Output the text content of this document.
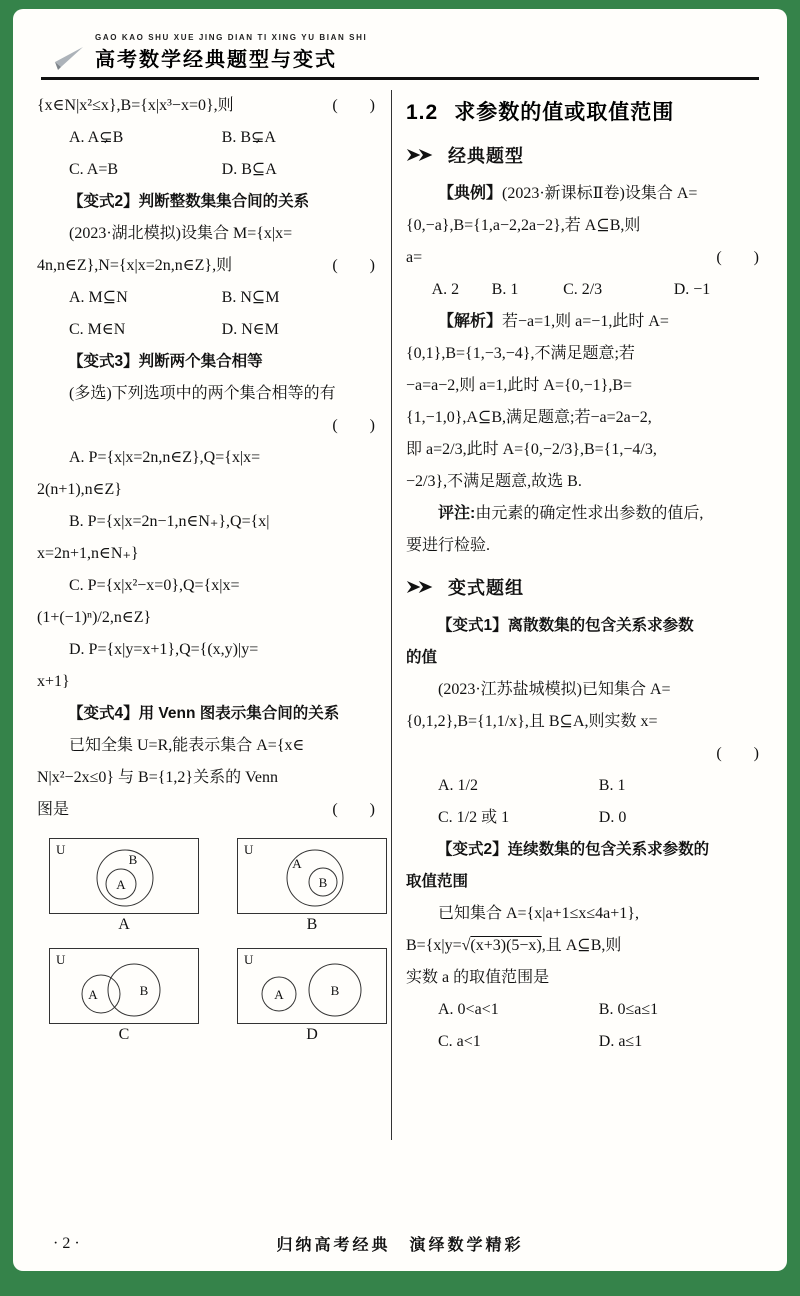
GAO KAO SHU XUE JING DIAN TI XING YU BIAN SHI
高考数学经典题型与变式
{x∈N|x²≤x},B={x|x³−x=0},则	(　　)
A. A⊊B	B. B⊊A
C. A=B	D. B⊆A
【变式2】判断整数集集合间的关系
(2023·湖北模拟)设集合 M={x|x=
4n,n∈Z},N={x|x=2n,n∈Z},则	(　　)
A. M⊆N	B. N⊆M
C. M∈N	D. N∈M
【变式3】判断两个集合相等
(多选)下列选项中的两个集合相等的有
(　　)
A. P={x|x=2n,n∈Z},Q={x|x=
2(n+1),n∈Z}
B. P={x|x=2n−1,n∈N₊},Q={x|
x=2n+1,n∈N₊}
C. P={x|x²−x=0},Q={x|x=
(1+(−1)ⁿ)/2,n∈Z}
D. P={x|y=x+1},Q={(x,y)|y=
x+1}
【变式4】用 Venn 图表示集合间的关系
已知全集 U=R,能表示集合 A={x∈
N|x²−2x≤0} 与 B={1,2}关系的 Venn
图是	(　　)
U
B
A
A
U
A
B
B
U
A	B
C
U
A	B
D
1.2 求参数的值或取值范围
经典题型
【典例】(2023·新课标Ⅱ卷)设集合 A=
{0,−a},B={1,a−2,2a−2},若 A⊆B,则
a=	(　　)
A. 2	B. 1	C. 2/3	D. −1
【解析】若−a=1,则 a=−1,此时 A=
{0,1},B={1,−3,−4},不满足题意;若
−a=a−2,则 a=1,此时 A={0,−1},B=
{1,−1,0},A⊆B,满足题意;若−a=2a−2,
即 a=2/3,此时 A={0,−2/3},B={1,−4/3,
−2/3},不满足题意,故选 B.
评注:由元素的确定性求出参数的值后,
要进行检验.
变式题组
【变式1】离散数集的包含关系求参数
的值
(2023·江苏盐城模拟)已知集合 A=
{0,1,2},B={1,1/x},且 B⊆A,则实数 x=
(　　)
A. 1/2	B. 1
C. 1/2 或 1	D. 0
【变式2】连续数集的包含关系求参数的
取值范围
已知集合 A={x|a+1≤x≤4a+1},
B={x|y=√(x+3)(5−x),且 A⊆B,则
实数 a 的取值范围是
A. 0<a<1	B. 0≤a≤1
C. a<1	D. a≤1
· 2 ·	归纳高考经典　演绎数学精彩
